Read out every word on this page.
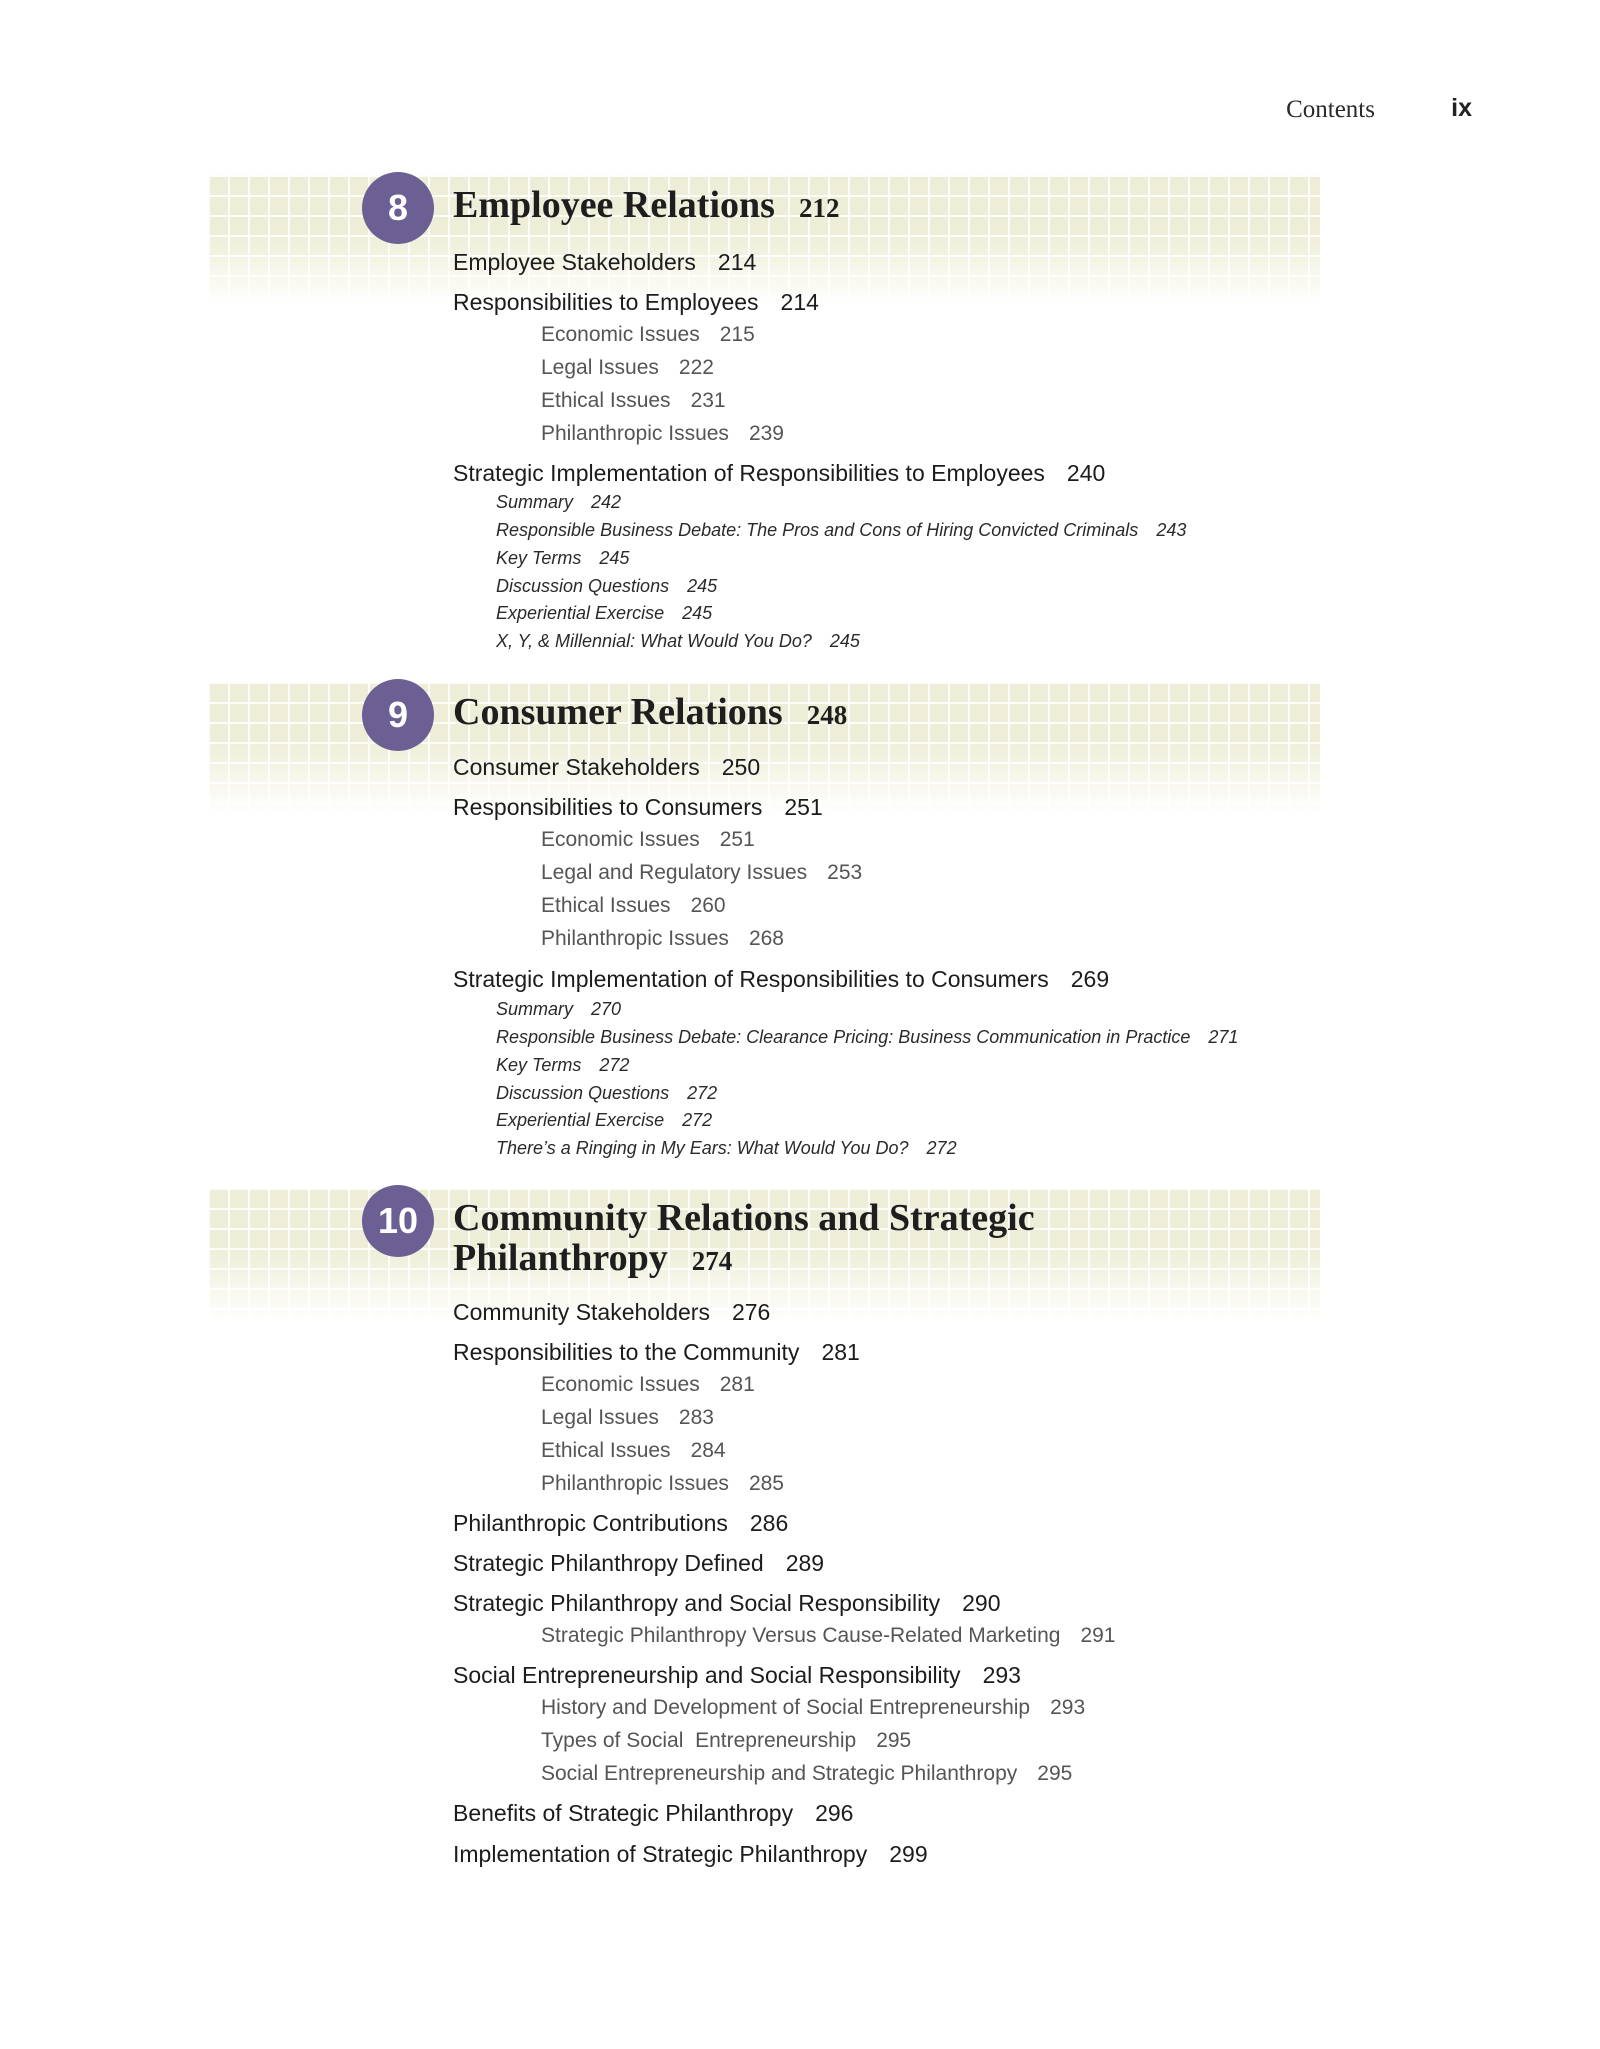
Contents	ix
8	Employee Relations 212
Employee Stakeholders 214
Responsibilities to Employees 214
Economic Issues 215
Legal Issues 222
Ethical Issues 231
Philanthropic Issues 239
Strategic Implementation of Responsibilities to Employees 240
Summary 242
Responsible Business Debate: The Pros and Cons of Hiring Convicted Criminals 243
Key Terms 245
Discussion Questions 245
Experiential Exercise 245
X, Y, & Millennial: What Would You Do? 245
9	Consumer Relations 248
Consumer Stakeholders 250
Responsibilities to Consumers 251
Economic Issues 251
Legal and Regulatory Issues 253
Ethical Issues 260
Philanthropic Issues 268
Strategic Implementation of Responsibilities to Consumers 269
Summary 270
Responsible Business Debate: Clearance Pricing: Business Communication in Practice 271
Key Terms 272
Discussion Questions 272
Experiential Exercise 272
There’s a Ringing in My Ears: What Would You Do? 272
10 Community Relations and Strategic
Philanthropy 274
Community Stakeholders 276
Responsibilities to the Community 281
Economic Issues 281
Legal Issues 283
Ethical Issues 284
Philanthropic Issues 285
Philanthropic Contributions 286
Strategic Philanthropy Defined 289
Strategic Philanthropy and Social Responsibility 290
Strategic Philanthropy Versus Cause-Related Marketing 291
Social Entrepreneurship and Social Responsibility 293
History and Development of Social Entrepreneurship 293
Types of Social  Entrepreneurship 295
Social Entrepreneurship and Strategic Philanthropy 295
Benefits of Strategic Philanthropy 296
Implementation of Strategic Philanthropy 299
